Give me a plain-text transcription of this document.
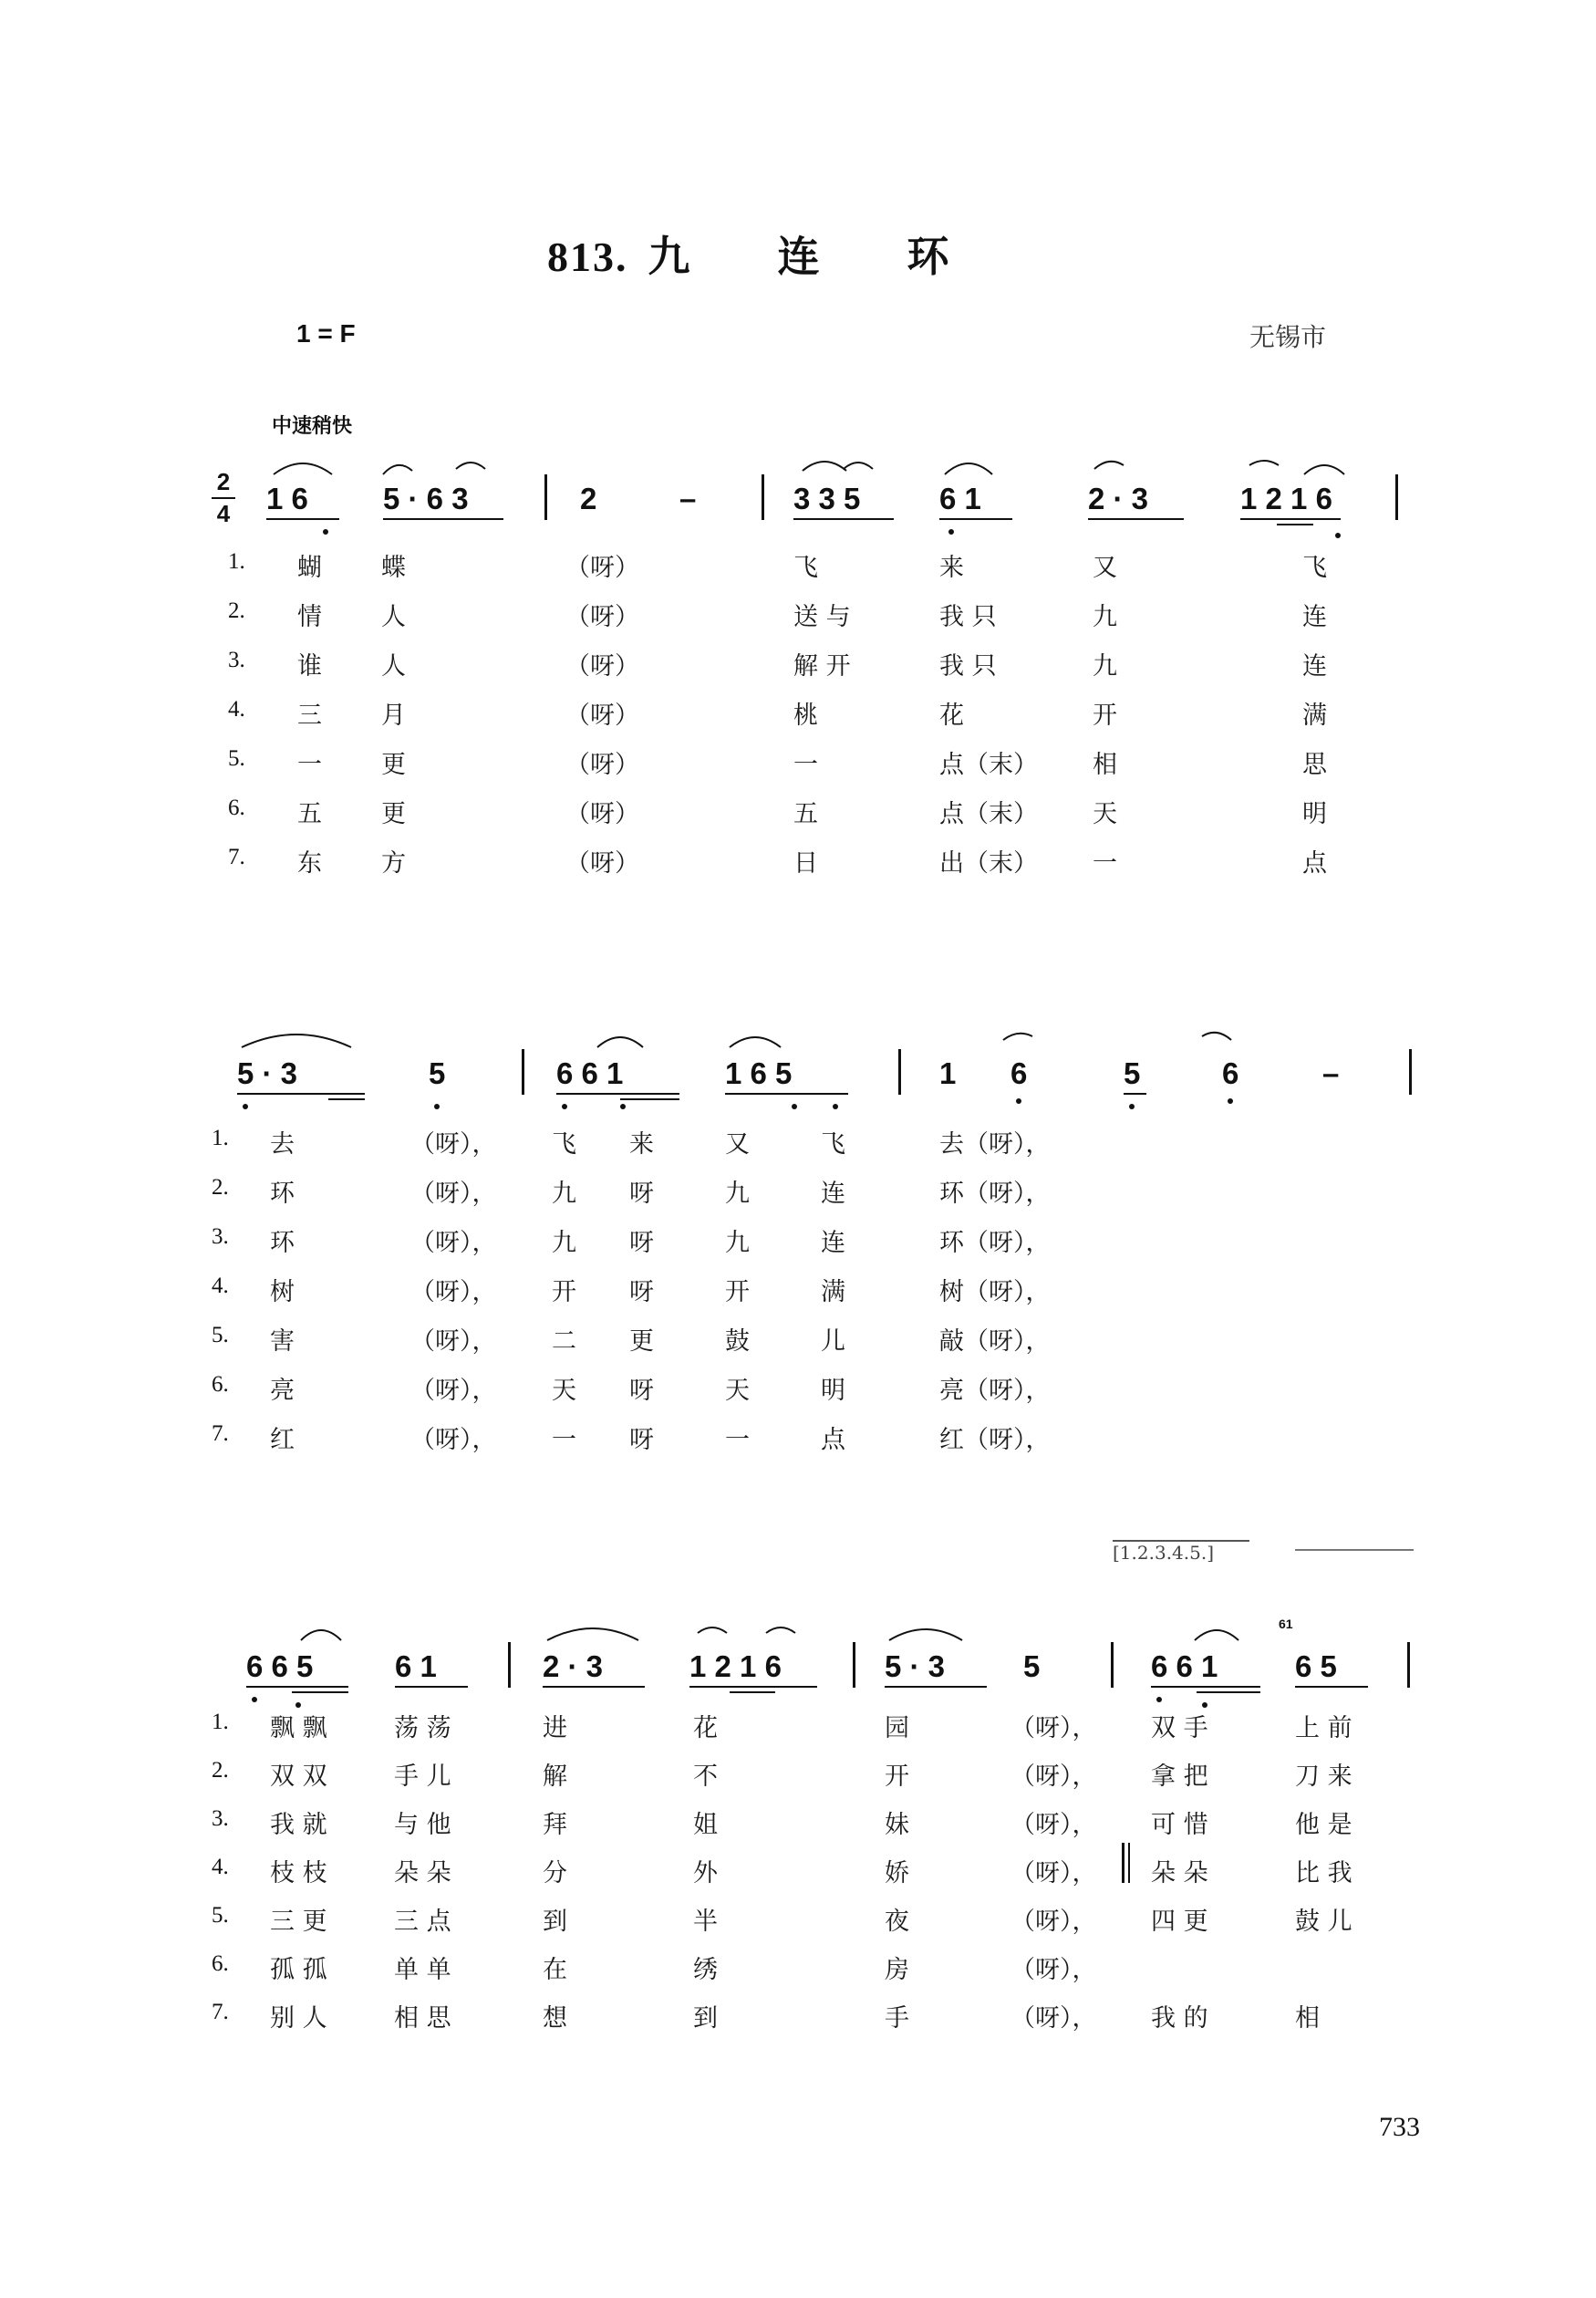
813. 九 连 环
1 = F	无锡市
中速稍快
2
4 1 6 5 · 6 3	2	–	3 3 5	6 1	2 · 3	1 2 1 6
1. 蝴 蝶	（呀）	飞	来	又	飞
2. 情 人	（呀）	送 与	我 只	九	连
3. 谁 人	（呀）	解 开	我 只	九	连
4. 三 月	（呀）	桃	花	开	满
5. 一 更	（呀）	一	点（末） 相	思
6. 五 更	（呀）	五	点（末） 天	明
7. 东 方	（呀）	日	出（末） 一	点
5 · 3	5	6 6 1	1 6 5	1 6	5	6	–
1. 去	（呀）， 飞 来	又	飞	去（呀），
2. 环	（呀）， 九 呀	九	连	环（呀），
3. 环	（呀）， 九 呀	九	连	环（呀），
4. 树	（呀）， 开 呀	开	满	树（呀），
5. 害	（呀）， 二 更	鼓	儿	敲（呀），
6. 亮	（呀）， 天 呀	天	明	亮（呀），
7. 红	（呀）， 一 呀	一	点	红（呀），
[1.2.3.4.5.]
6 6 5	6 1	2 · 3	1 2 1 6	5 · 3	5	6 6 1
61
6 5
1. 飘 飘	荡 荡	进	花	园	（呀）， 双 手	上 前
2. 双 双	手 儿	解	不	开	（呀）， 拿 把	刀 来
3. 我 就	与 他	拜	姐	妹	（呀）， 可 惜	他 是
4. 枝 枝	朵 朵	分	外	娇	（呀）， 朵 朵	比 我
5. 三 更	三 点	到	半	夜	（呀）， 四 更	鼓 儿
6. 孤 孤	单 单	在	绣	房	（呀），
7. 别 人	相 思	想	到	手	（呀）， 我 的	相
733
